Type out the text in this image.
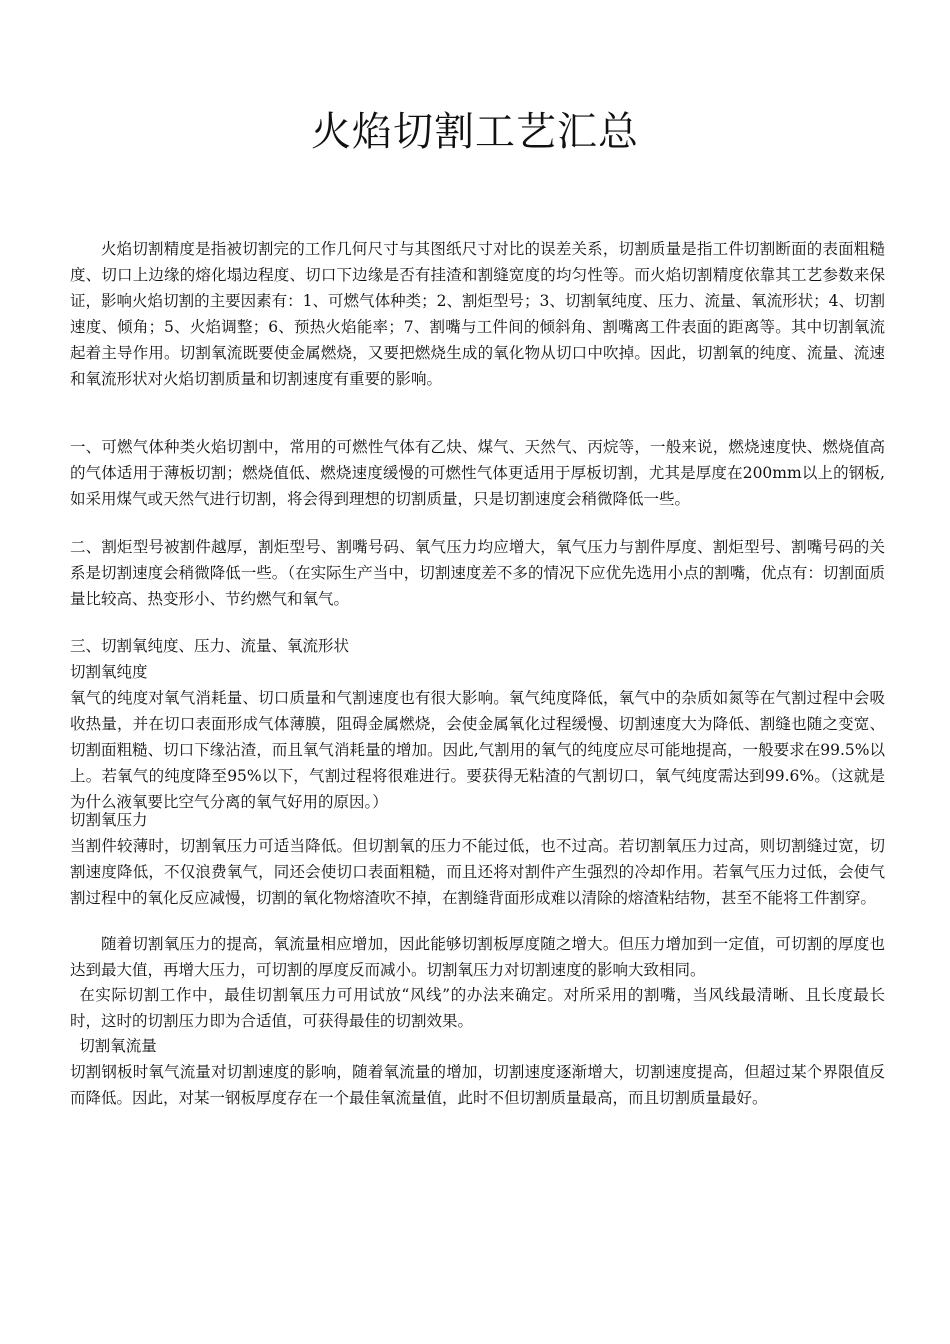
火焰切割工艺汇总

火焰切割精度是指被切割完的工作几何尺寸与其图纸尺寸对比的误差关系，切割质量是指工件切割断面的表面粗糙度、切口上边缘的熔化塌边程度、切口下边缘是否有挂渣和割缝宽度的均匀性等。而火焰切割精度依靠其工艺参数来保证，影响火焰切割的主要因素有：1、可燃气体种类；2、割炬型号；3、切割氧纯度、压力、流量、氧流形状；4、切割速度、倾角；5、火焰调整；6、预热火焰能率；7、割嘴与工件间的倾斜角、割嘴离工件表面的距离等。其中切割氧流起着主导作用。切割氧流既要使金属燃烧，又要把燃烧生成的氧化物从切口中吹掉。因此，切割氧的纯度、流量、流速和氧流形状对火焰切割质量和切割速度有重要的影响。

一、可燃气体种类火焰切割中，常用的可燃性气体有乙炔、煤气、天然气、丙烷等，一般来说，燃烧速度快、燃烧值高的气体适用于薄板切割；燃烧值低、燃烧速度缓慢的可燃性气体更适用于厚板切割，尤其是厚度在200mm以上的钢板,如采用煤气或天然气进行切割，将会得到理想的切割质量，只是切割速度会稍微降低一些。

二、割炬型号被割件越厚，割炬型号、割嘴号码、氧气压力均应增大，氧气压力与割件厚度、割炬型号、割嘴号码的关系是切割速度会稍微降低一些。（在实际生产当中，切割速度差不多的情况下应优先选用小点的割嘴，优点有：切割面质量比较高、热变形小、节约燃气和氧气。

三、切割氧纯度、压力、流量、氧流形状

切割氧纯度

氧气的纯度对氧气消耗量、切口质量和气割速度也有很大影响。氧气纯度降低，氧气中的杂质如氮等在气割过程中会吸收热量，并在切口表面形成气体薄膜，阻碍金属燃烧，会使金属氧化过程缓慢、切割速度大为降低、割缝也随之变宽、切割面粗糙、切口下缘沾渣，而且氧气消耗量的增加。因此,气割用的氧气的纯度应尽可能地提高，一般要求在99.5%以上。若氧气的纯度降至95%以下，气割过程将很难进行。要获得无粘渣的气割切口，氧气纯度需达到99.6%。（这就是为什么液氧要比空气分离的氧气好用的原因。）

切割氧压力

当割件较薄时，切割氧压力可适当降低。但切割氧的压力不能过低，也不过高。若切割氧压力过高，则切割缝过宽，切割速度降低，不仅浪费氧气，同还会使切口表面粗糙，而且还将对割件产生强烈的冷却作用。若氧气压力过低，会使气割过程中的氧化反应减慢，切割的氧化物熔渣吹不掉，在割缝背面形成难以清除的熔渣粘结物，甚至不能将工件割穿。

随着切割氧压力的提高，氧流量相应增加，因此能够切割板厚度随之增大。但压力增加到一定值，可切割的厚度也达到最大值，再增大压力，可切割的厚度反而减小。切割氧压力对切割速度的影响大致相同。

在实际切割工作中，最佳切割氧压力可用试放“风线”的办法来确定。对所采用的割嘴，当风线最清晰、且长度最长时，这时的切割压力即为合适值，可获得最佳的切割效果。

切割氧流量

切割钢板时氧气流量对切割速度的影响，随着氧流量的增加，切割速度逐渐增大，切割速度提高，但超过某个界限值反而降低。因此，对某一钢板厚度存在一个最佳氧流量值，此时不但切割质量最高，而且切割质量最好。
